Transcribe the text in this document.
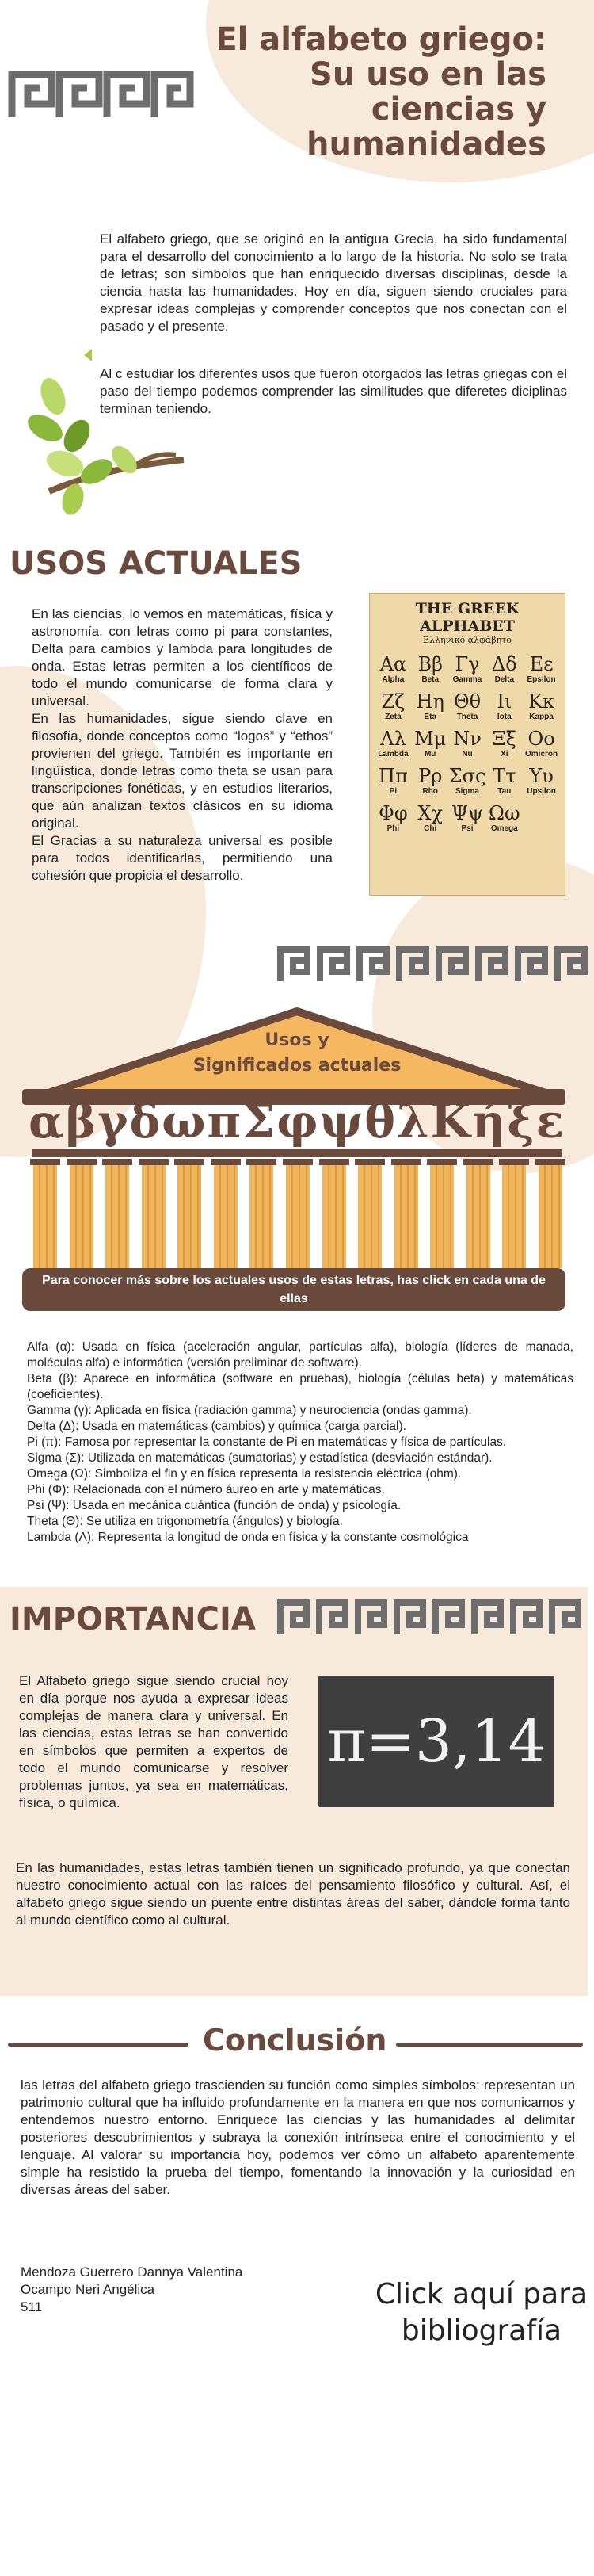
El alfabeto griego:
Su uso en las
ciencias y
humanidades
El alfabeto griego, que se originó en la antigua Grecia, ha sido fundamental para el desarrollo del conocimiento a lo largo de la historia. No solo se trata de letras; son símbolos que han enriquecido diversas disciplinas, desde la ciencia hasta las humanidades. Hoy en día, siguen siendo cruciales para expresar ideas complejas y comprender conceptos que nos conectan con el pasado y el presente.
Al c estudiar los diferentes usos que fueron otorgados las letras griegas con el paso del tiempo podemos comprender las similitudes que diferetes diciplinas terminan teniendo.
USOS ACTUALES
En las ciencias, lo vemos en matemáticas, física y astronomía, con letras como pi para constantes, Delta para cambios y lambda para longitudes de onda. Estas letras permiten a los científicos de todo el mundo comunicarse de forma clara y universal.
En las humanidades, sigue siendo clave en filosofía, donde conceptos como “logos” y “ethos” provienen del griego. También es importante en lingüística, donde letras como theta se usan para transcripciones fonéticas, y en estudios literarios, que aún analizan textos clásicos en su idioma original.
El Gracias a su naturaleza universal es posible para todos identificarlas, permitiendo una cohesión que propicia el desarrollo.
THE GREEK ALPHABET
Ελληνικό αλφάβητο
Αα
Alpha
Ββ
Beta
Γγ
Gamma
Δδ
Delta
Εε
Epsilon
Ζζ
Zeta
Ηη
Eta
Θθ
Theta
Ιι
Iota
Κκ
Kappa
Λλ
Lambda
Μμ
Mu
Νν
Nu
Ξξ
Xi
Οο
Omicron
Ππ
Pi
Ρρ
Rho
Σσς
Sigma
Ττ
Tau
Υυ
Upsilon
Φφ
Phi
Χχ
Chi
Ψψ
Psi
Ωω
Omega
Usos y
Significados actuales
α β γ δ ω π Σ φ ψ θ λ Κ ή ξ ε
Para conocer más sobre los actuales usos de estas letras, has click en cada una de ellas
Alfa (α): Usada en física (aceleración angular, partículas alfa), biología (líderes de manada, moléculas alfa) e informática (versión preliminar de software).
Beta (β): Aparece en informática (software en pruebas), biología (células beta) y matemáticas (coeficientes).
Gamma (γ): Aplicada en física (radiación gamma) y neurociencia (ondas gamma).
Delta (Δ): Usada en matemáticas (cambios) y química (carga parcial).
Pi (π): Famosa por representar la constante de Pi en matemáticas y física de partículas.
Sigma (Σ): Utilizada en matemáticas (sumatorias) y estadística (desviación estándar).
Omega (Ω): Simboliza el fin y en física representa la resistencia eléctrica (ohm).
Phi (Φ): Relacionada con el número áureo en arte y matemáticas.
Psi (Ψ): Usada en mecánica cuántica (función de onda) y psicología.
Theta (Θ): Se utiliza en trigonometría (ángulos) y biología.
Lambda (Λ): Representa la longitud de onda en física y la constante cosmológica
IMPORTANCIA
El Alfabeto griego sigue siendo crucial hoy en día porque nos ayuda a expresar ideas complejas de manera clara y universal. En las ciencias, estas letras se han convertido en símbolos que permiten a expertos de todo el mundo comunicarse y resolver problemas juntos, ya sea en matemáticas, física, o química.
π=3,14
En las humanidades, estas letras también tienen un significado profundo, ya que conectan nuestro conocimiento actual con las raíces del pensamiento filosófico y cultural. Así, el alfabeto griego sigue siendo un puente entre distintas áreas del saber, dándole forma tanto al mundo científico como al cultural.
Conclusión
las letras del alfabeto griego trascienden su función como simples símbolos; representan un patrimonio cultural que ha influido profundamente en la manera en que nos comunicamos y entendemos nuestro entorno. Enriquece las ciencias y las humanidades al delimitar posteriores descubrimientos y subraya la conexión intrínseca entre el conocimiento y el lenguaje. Al valorar su importancia hoy, podemos ver cómo un alfabeto aparentemente simple ha resistido la prueba del tiempo, fomentando la innovación y la curiosidad en diversas áreas del saber.
Mendoza Guerrero Dannya Valentina
Ocampo Neri Angélica
511	Click aquí para
bibliografía
